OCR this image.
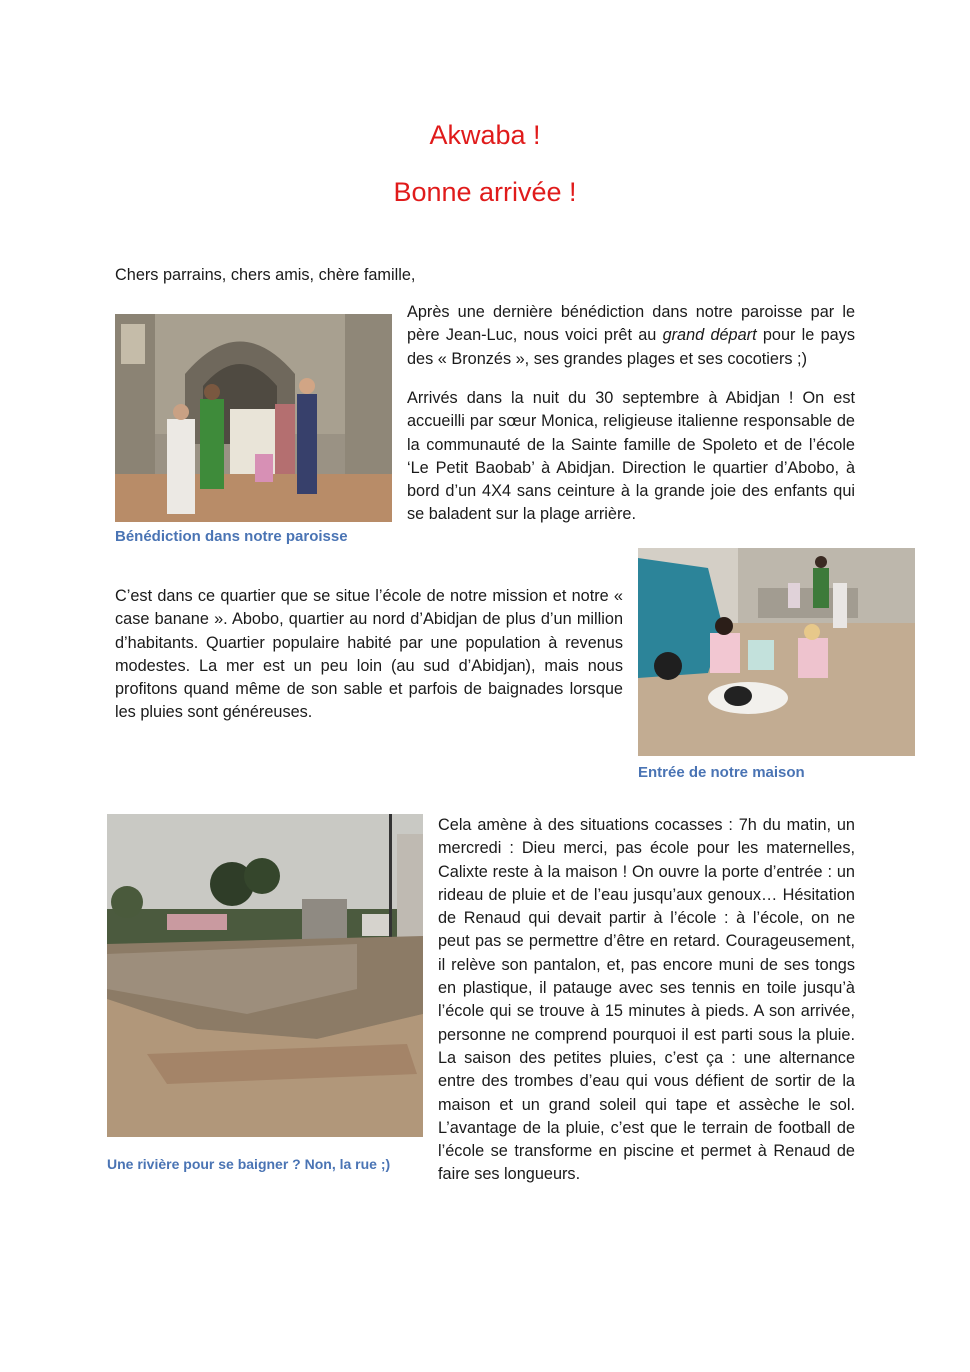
Akwaba !
Bonne arrivée !

Chers parrains, chers amis, chère famille,

Après une dernière bénédiction dans notre paroisse par le père Jean-Luc, nous voici prêt au grand départ pour le pays des « Bronzés », ses grandes plages et ses cocotiers ;)

Arrivés dans la nuit du 30 septembre à Abidjan ! On est accueilli par sœur Monica, religieuse italienne responsable de la communauté de la Sainte famille de Spoleto et de l’école ‘Le Petit Baobab’ à Abidjan. Direction le quartier d’Abobo, à bord d’un 4X4 sans ceinture à la grande joie des enfants qui se baladent sur la plage arrière.

Bénédiction dans notre paroisse

C’est dans ce quartier que se situe l’école de notre mission et notre « case banane ». Abobo, quartier au nord d’Abidjan de plus d’un million d’habitants. Quartier populaire habité par une population à revenus modestes. La mer est un peu loin (au sud d’Abidjan), mais nous profitons quand même de son sable et parfois de baignades lorsque les pluies sont généreuses.

Entrée de notre maison

Cela amène à des situations cocasses : 7h du matin, un mercredi : Dieu merci, pas école pour les maternelles, Calixte reste à la maison ! On ouvre la porte d’entrée : un rideau de pluie et de l’eau jusqu’aux genoux… Hésitation de Renaud qui devait partir à l’école : à l’école, on ne peut pas se permettre d’être en retard. Courageusement, il relève son pantalon, et, pas encore muni de ses tongs en plastique, il patauge avec ses tennis en toile jusqu’à l’école qui se trouve à 15 minutes à pieds. A son arrivée, personne ne comprend pourquoi il est parti sous la pluie. La saison des petites pluies, c’est ça : une alternance entre des trombes d’eau qui vous défient de sortir de la maison et un grand soleil qui tape et assèche le sol. L’avantage de la pluie, c’est que le terrain de football de l’école se transforme en piscine et permet à Renaud de faire ses longueurs.

Une rivière pour se baigner ? Non, la rue ;)
